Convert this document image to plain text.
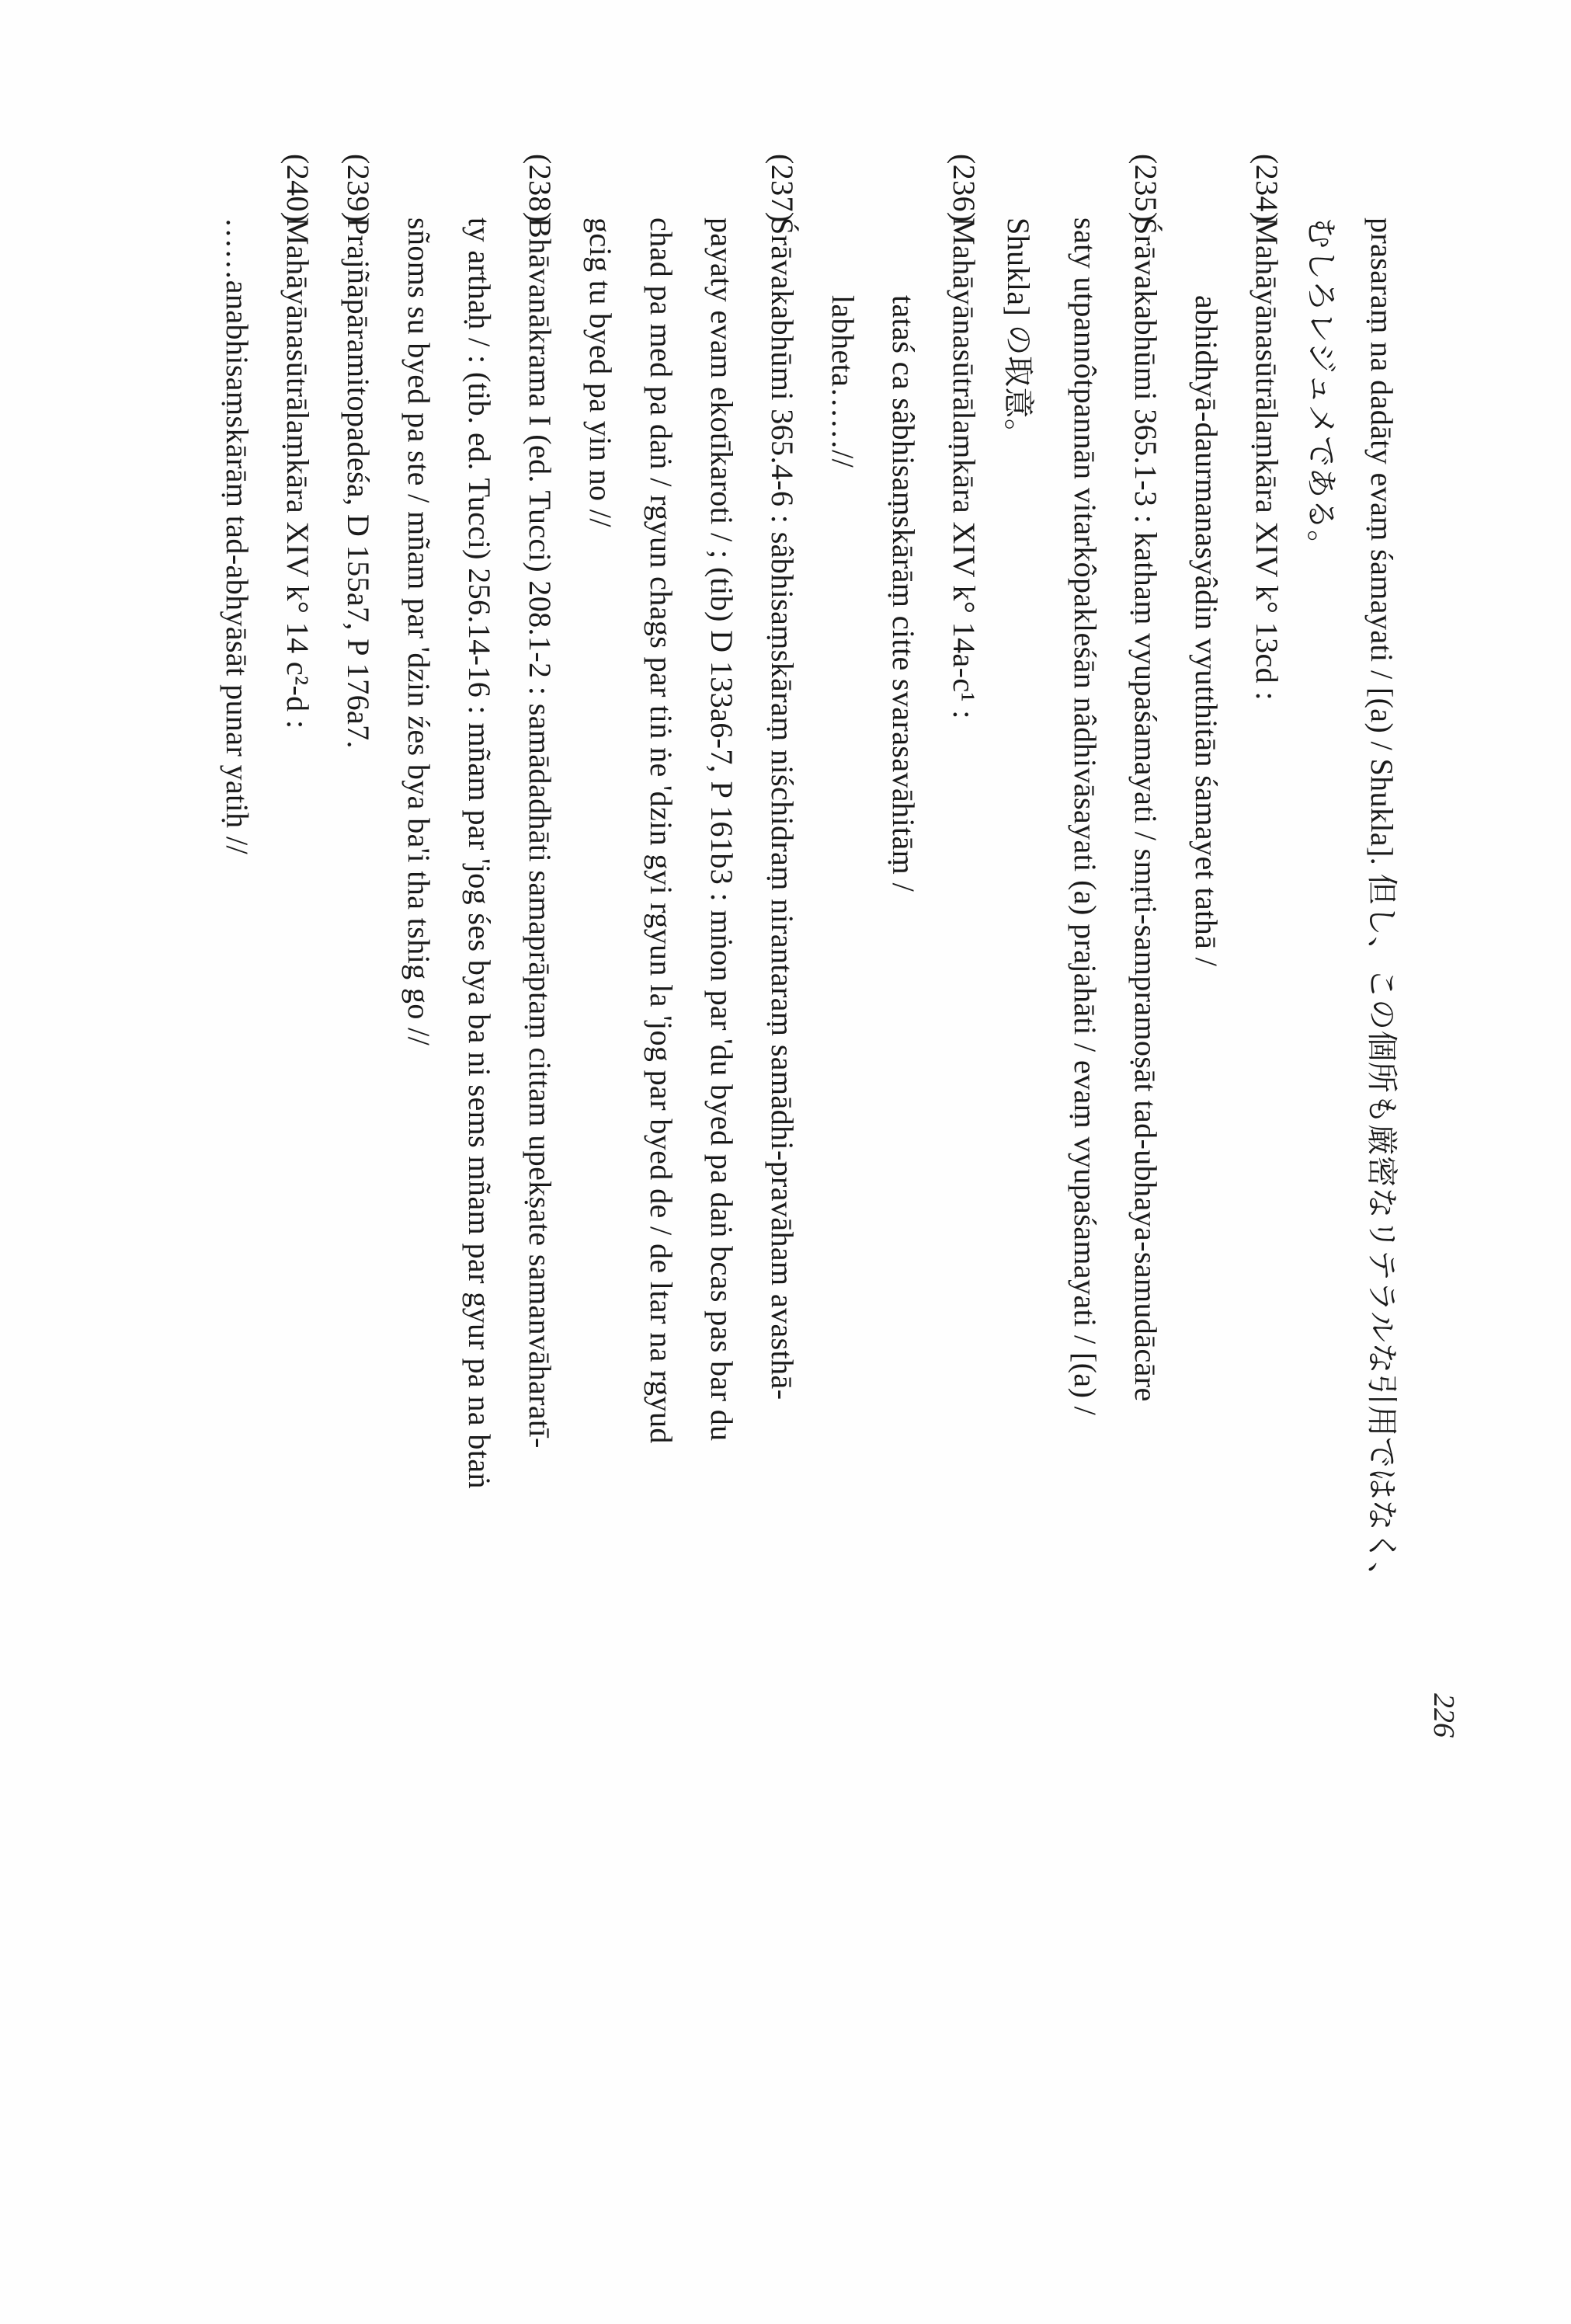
prasaraṃ na dadāty evaṃ śamayati / [(a) / Shukla]. 但し、この個所も厳密なリテラルな引用ではなく、
むしろレジュメである。
(234)Mahāyānasūtrālaṃkāra XIV k° 13cd :
abhidhyā-daurmanasyâdin vyutthitān śamayet tathā /
(235)Śrāvakabhūmi 365.1-3 : kathaṃ vyupaśamayati / smṛti-sampramoṣāt tad-ubhaya-samudācāre
saty utpannôtpannān vitarkôpakleśān nâdhivāsayati (a) prajahāti / evaṃ vyupaśamayati / [(a) /
Shukla] の取意。
(236)Mahāyānasūtrālaṃkāra XIV k° 14a-c¹ :
tataś ca sâbhisaṃskārāṃ citte svarasavāhitāṃ /
labheta……//
(237)Śrāvakabhūmi 365.4-6 : sâbhisaṃskāraṃ niśchidraṃ nirantaraṃ samādhi-pravāham avasthā-
payaty evam ekotīkaroti / ; (tib) D 133a6-7, P 161b3 : mṅon par 'du byed pa daṅ bcas pas bar du
chad pa med pa daṅ / rgyun chags par tiṅ ṅe 'dzin gyi rgyun la 'jog par byed de / de ltar na rgyud
gcig tu byed pa yin no //
(238)Bhāvanākrama I (ed. Tucci) 208.1-2 : samādadhāti samaprāptaṃ cittam upekṣate samanvāharatī-
ty arthaḥ / : (tib. ed. Tucci) 256.14-16 : mñam par 'jog śes bya ba ni sems mñam par gyur pa na btaṅ
sñoms su byed pa ste / mñam par 'dzin źes bya ba'i tha tshig go //
(239)Prajñāpāramitopadeśa, D 155a7, P 176a7.
(240)Mahāyānasūtrālaṃkāra XIV k° 14 c²-d :
……anabhisaṃskārāṃ tad-abhyāsāt punar yatiḥ //
226
